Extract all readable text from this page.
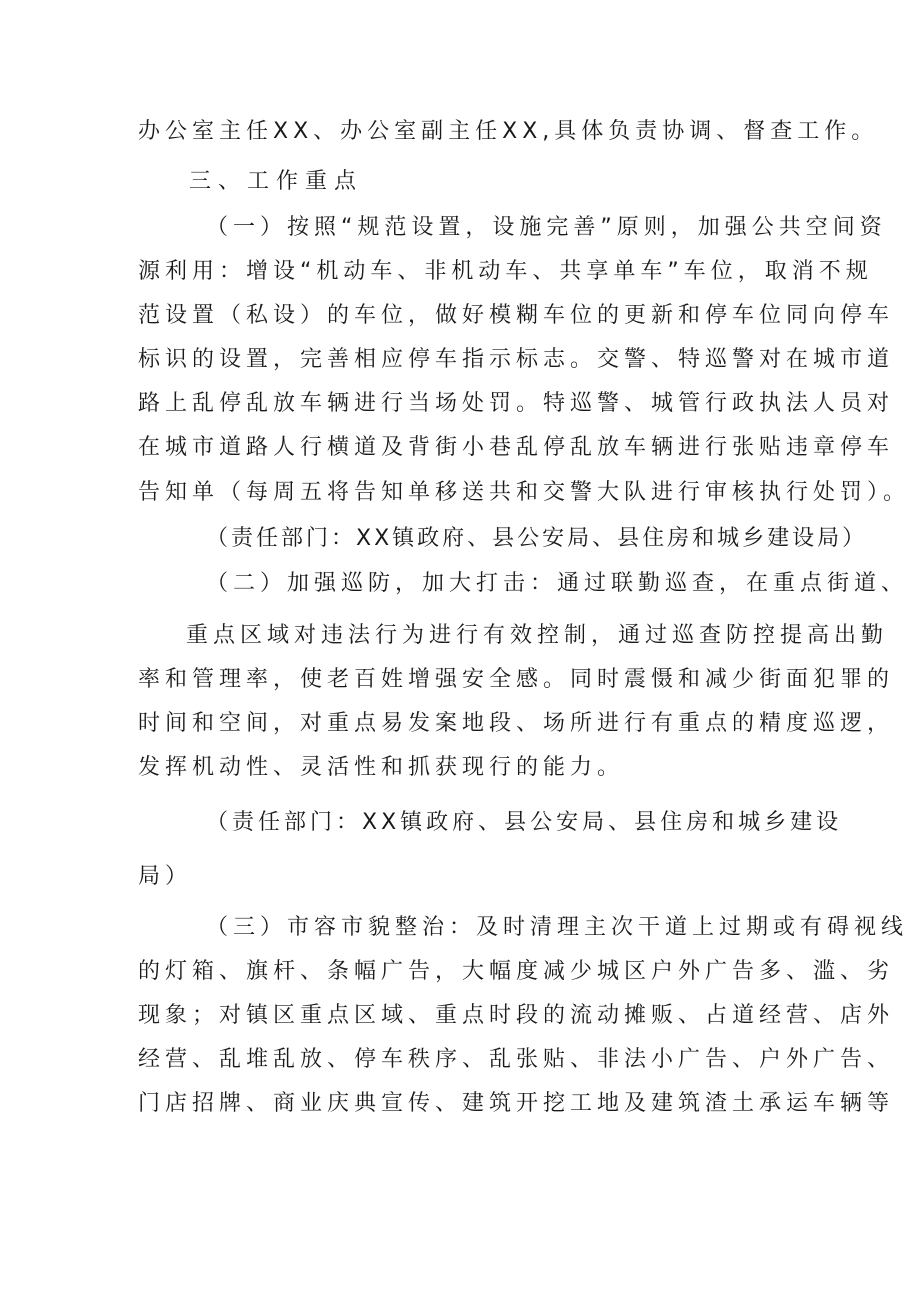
办公室主任XX、办公室副主任XX,具体负责协调、督查工作。
三、工作重点
（一）按照“规范设置，设施完善”原则，加强公共空间资
源利用：增设“机动车、非机动车、共享单车”车位，取消不规
范设置（私设）的车位，做好模糊车位的更新和停车位同向停车
标识的设置，完善相应停车指示标志。交警、特巡警对在城市道
路上乱停乱放车辆进行当场处罚。特巡警、城管行政执法人员对
在城市道路人行横道及背街小巷乱停乱放车辆进行张贴违章停车
告知单（每周五将告知单移送共和交警大队进行审核执行处罚）。
（责任部门：XX镇政府、县公安局、县住房和城乡建设局）
（二）加强巡防，加大打击：通过联勤巡查，在重点街道、
重点区域对违法行为进行有效控制，通过巡查防控提高出勤
率和管理率，使老百姓增强安全感。同时震慑和减少街面犯罪的
时间和空间，对重点易发案地段、场所进行有重点的精度巡逻，
发挥机动性、灵活性和抓获现行的能力。
（责任部门：XX镇政府、县公安局、县住房和城乡建设
局）
（三）市容市貌整治：及时清理主次干道上过期或有碍视线
的灯箱、旗杆、条幅广告，大幅度减少城区户外广告多、滥、劣
现象；对镇区重点区域、重点时段的流动摊贩、占道经营、店外
经营、乱堆乱放、停车秩序、乱张贴、非法小广告、户外广告、
门店招牌、商业庆典宣传、建筑开挖工地及建筑渣土承运车辆等
